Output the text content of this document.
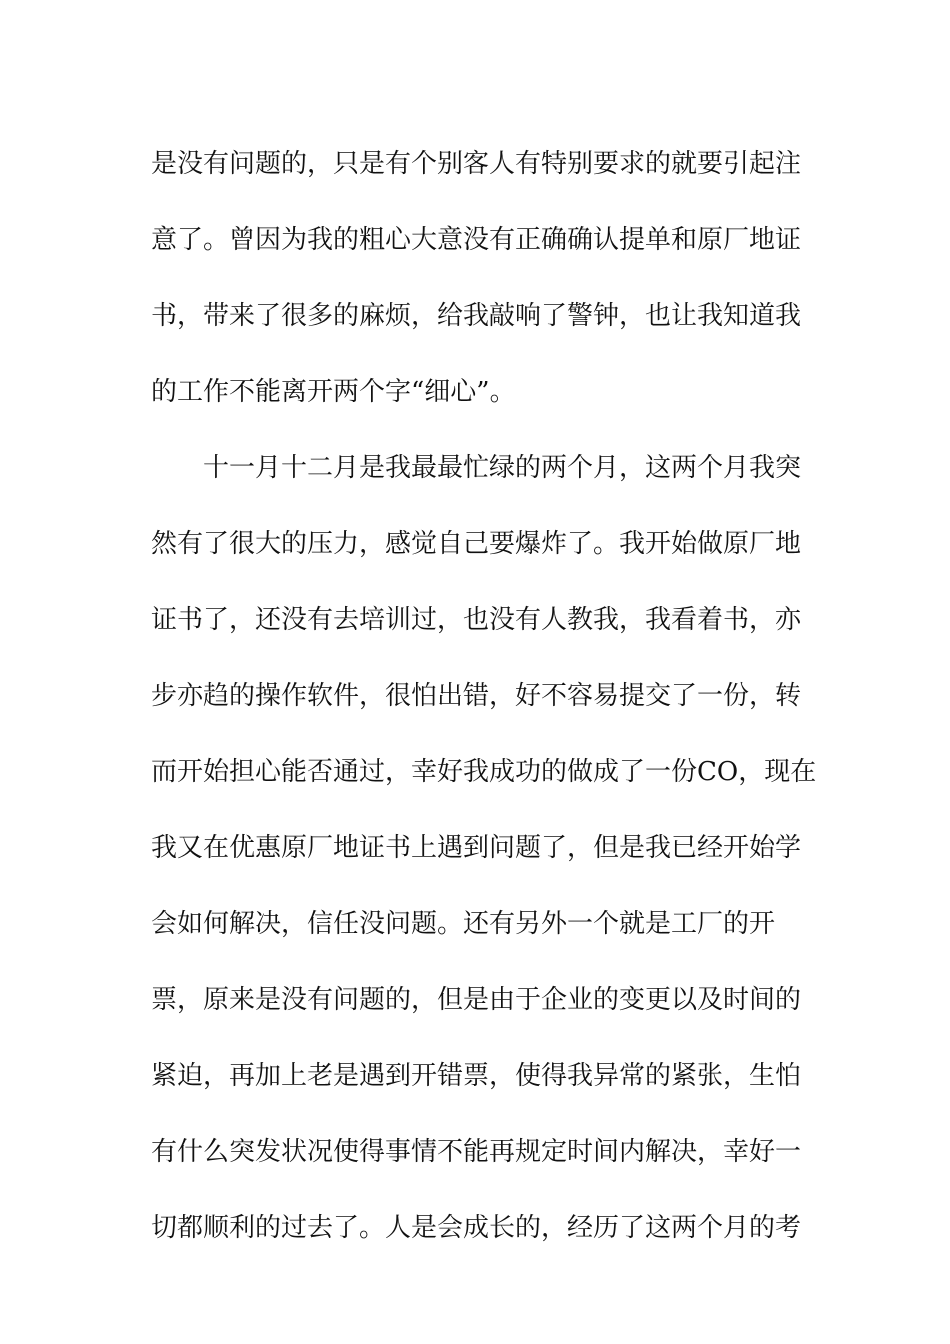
是没有问题的，只是有个别客人有特别要求的就要引起注
意了。曾因为我的粗心大意没有正确确认提单和原厂地证
书，带来了很多的麻烦，给我敲响了警钟，也让我知道我
的工作不能离开两个字“细心”。
十一月十二月是我最最忙绿的两个月，这两个月我突
然有了很大的压力，感觉自己要爆炸了。我开始做原厂地
证书了，还没有去培训过，也没有人教我，我看着书，亦
步亦趋的操作软件，很怕出错，好不容易提交了一份，转
而开始担心能否通过，幸好我成功的做成了一份CO，现在
我又在优惠原厂地证书上遇到问题了，但是我已经开始学
会如何解决，信任没问题。还有另外一个就是工厂的开
票，原来是没有问题的，但是由于企业的变更以及时间的
紧迫，再加上老是遇到开错票，使得我异常的紧张，生怕
有什么突发状况使得事情不能再规定时间内解决，幸好一
切都顺利的过去了。人是会成长的，经历了这两个月的考
